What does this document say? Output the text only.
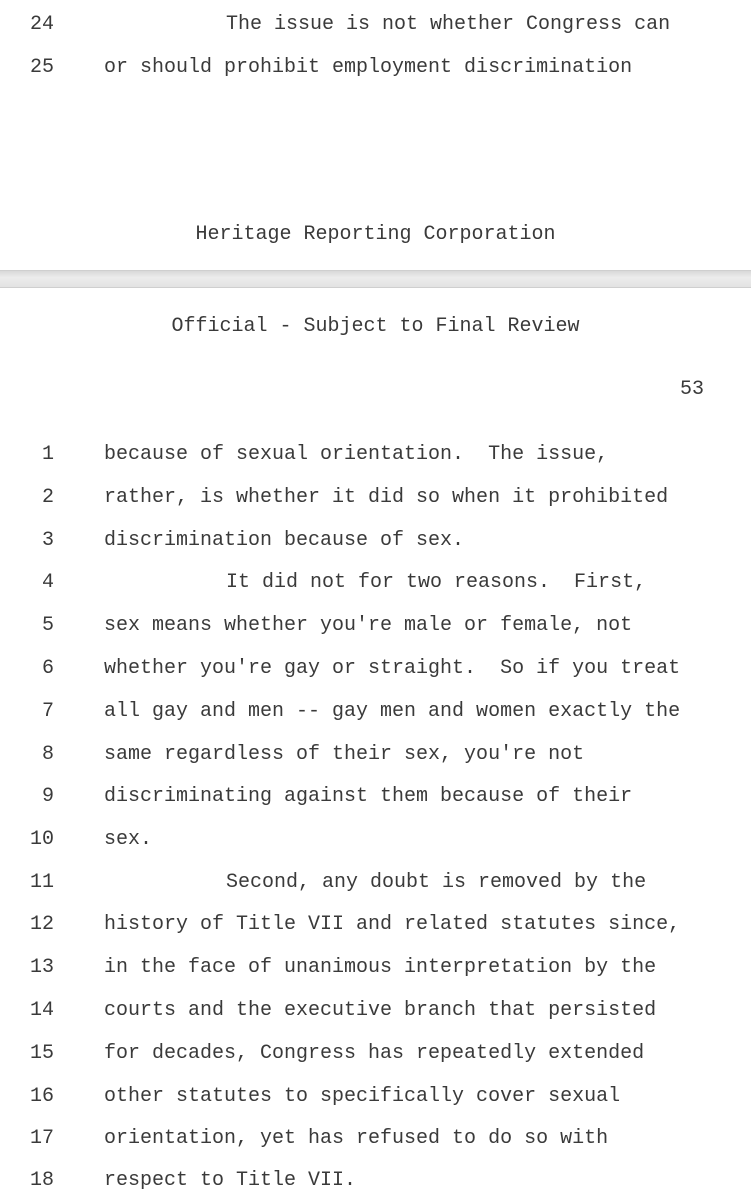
24	The issue is not whether Congress can
25	or should prohibit employment discrimination
Heritage Reporting Corporation
Official - Subject to Final Review
53
1	because of sexual orientation.  The issue,
2	rather, is whether it did so when it prohibited
3	discrimination because of sex.
4	It did not for two reasons.  First,
5	sex means whether you're male or female, not
6	whether you're gay or straight.  So if you treat
7	all gay and men -- gay men and women exactly the
8	same regardless of their sex, you're not
9	discriminating against them because of their
10	sex.
11	Second, any doubt is removed by the
12	history of Title VII and related statutes since,
13	in the face of unanimous interpretation by the
14	courts and the executive branch that persisted
15	for decades, Congress has repeatedly extended
16	other statutes to specifically cover sexual
17	orientation, yet has refused to do so with
18	respect to Title VII.
